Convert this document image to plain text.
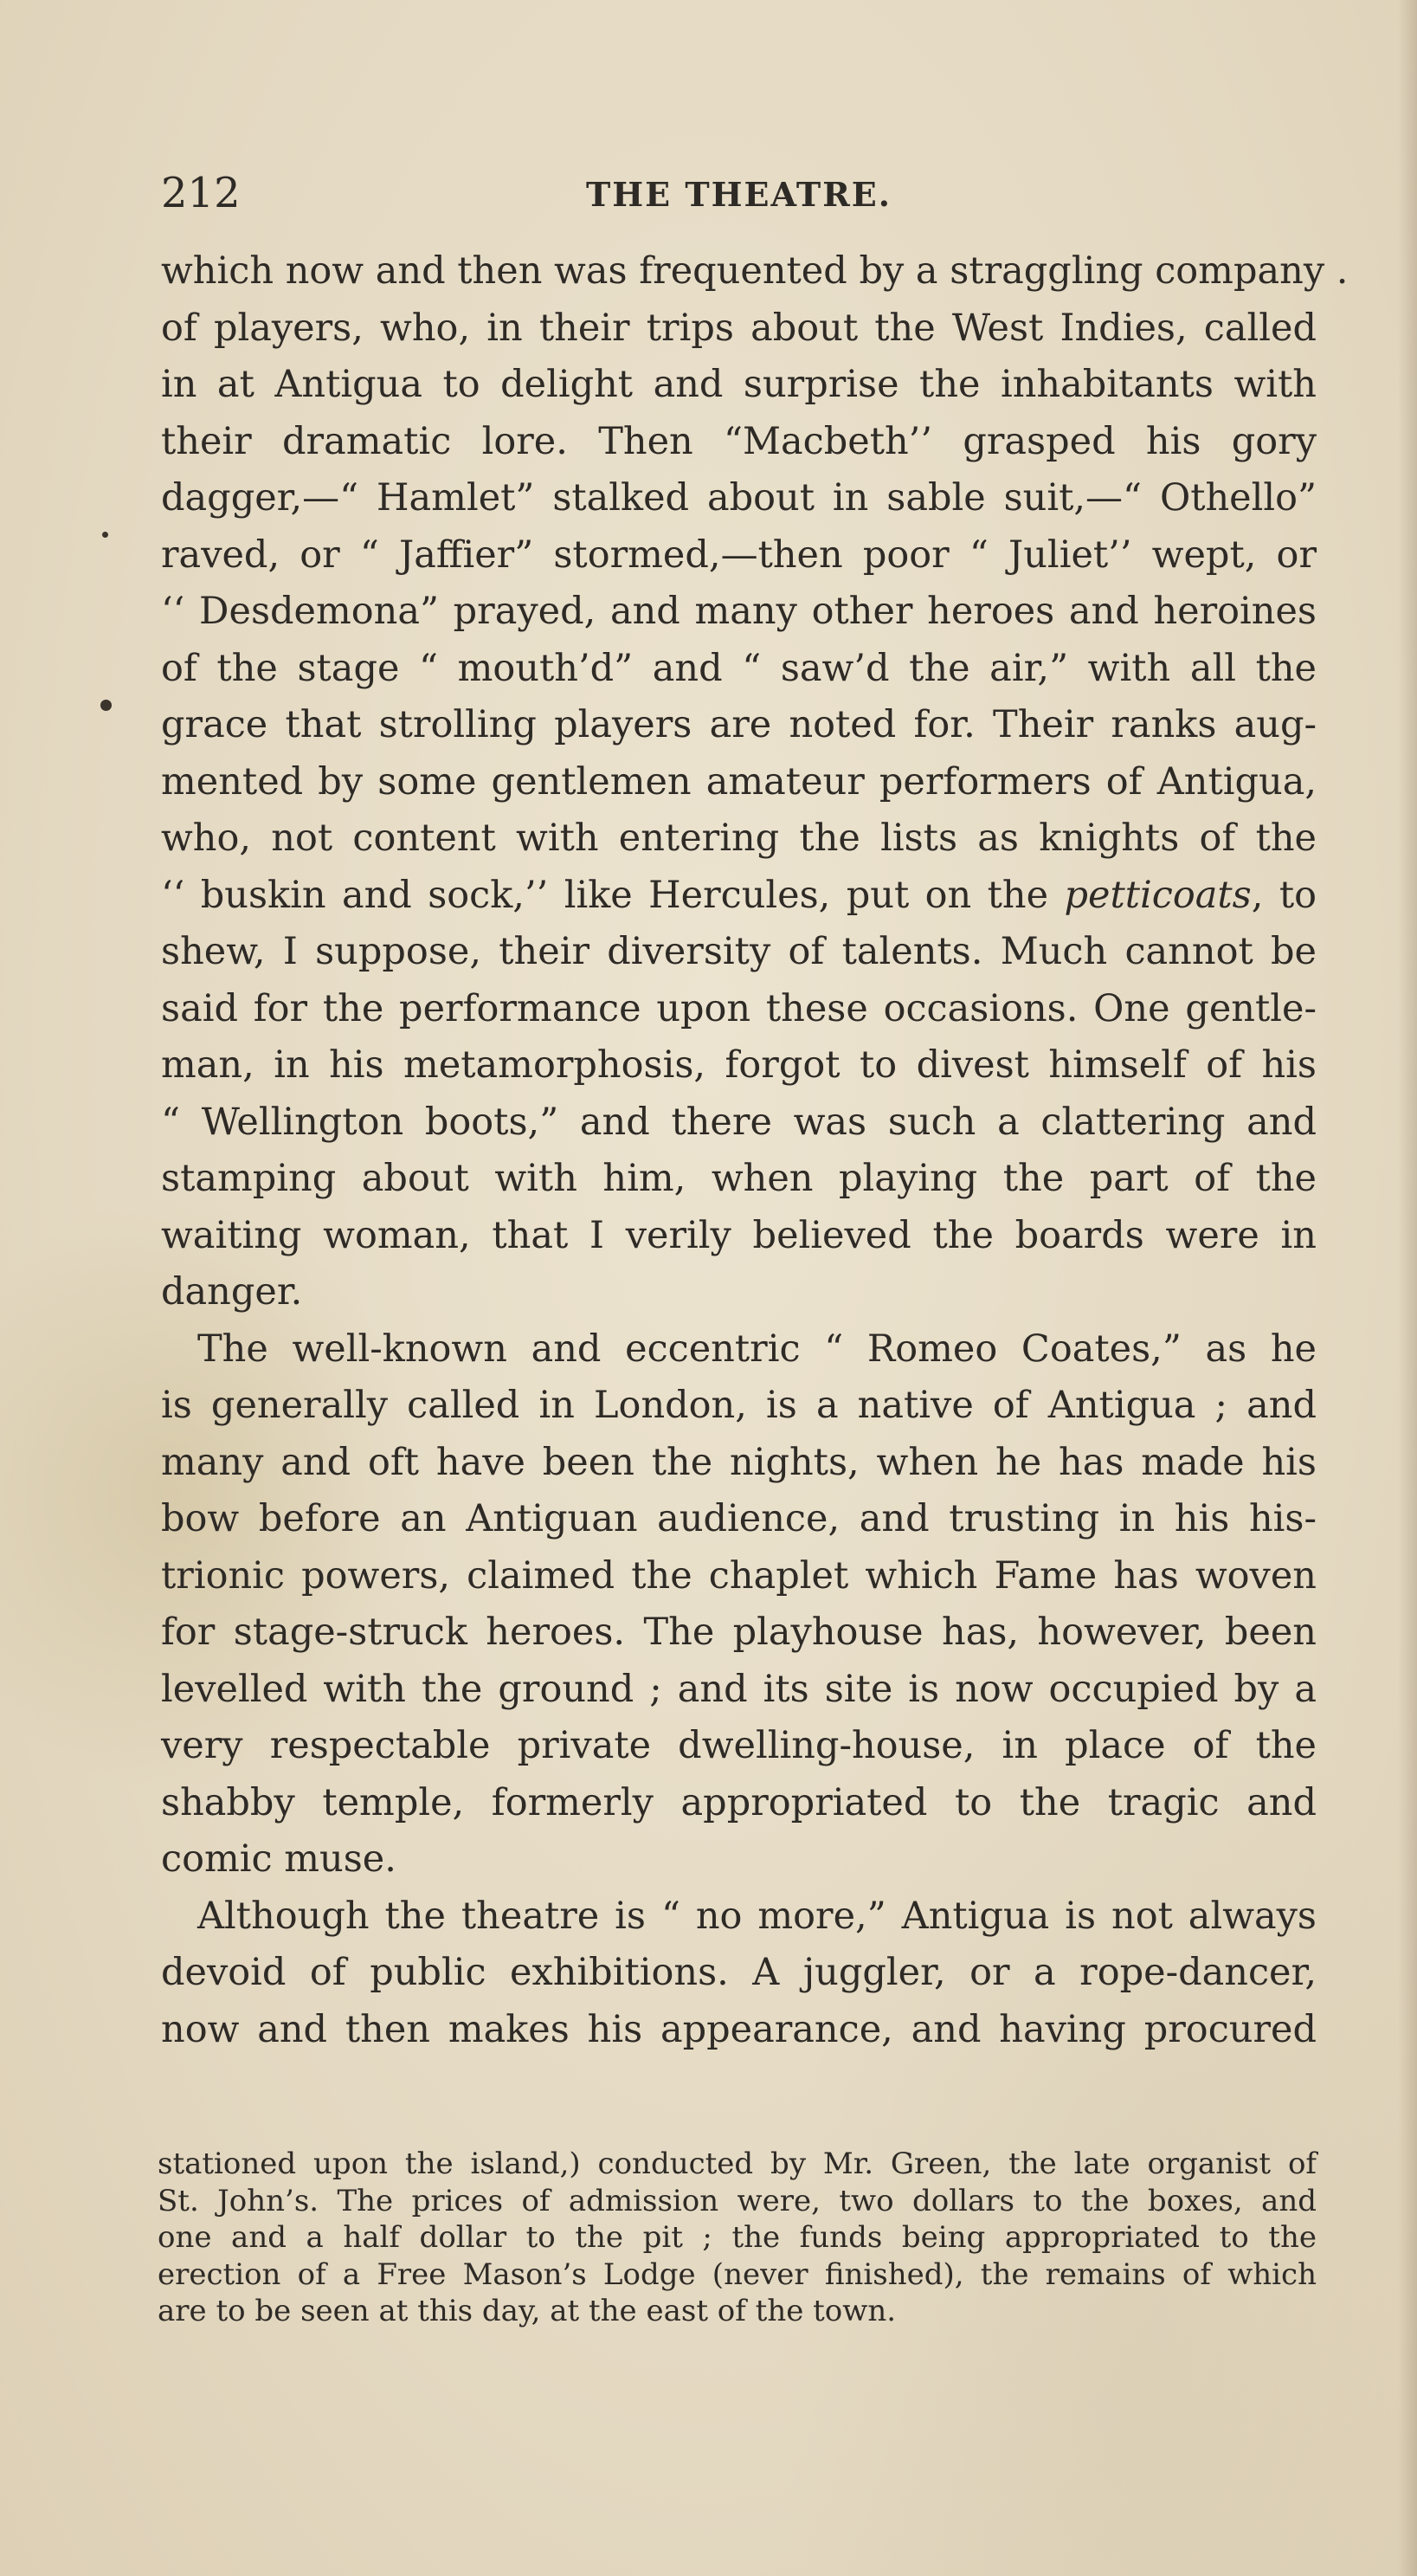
212	THE THEATRE.
which now and then was frequented by a straggling company .
of players, who, in their trips about the West Indies, called
in at Antigua to delight and surprise the inhabitants with
their dramatic lore. Then “Macbeth’’ grasped his gory
dagger,—“ Hamlet” stalked about in sable suit,—“ Othello”
raved, or “ Jaffier” stormed,—then poor “ Juliet’’ wept, or
‘‘ Desdemona” prayed, and many other heroes and heroines
of the stage “ mouth’d” and “ saw’d the air,” with all the
grace that strolling players are noted for. Their ranks aug-
mented by some gentlemen amateur performers of Antigua,
who, not content with entering the lists as knights of the
‘‘ buskin and sock,’’ like Hercules, put on the petticoats, to
shew, I suppose, their diversity of talents. Much cannot be
said for the performance upon these occasions. One gentle-
man, in his metamorphosis, forgot to divest himself of his
“ Wellington boots,” and there was such a clattering and
stamping about with him, when playing the part of the
waiting woman, that I verily believed the boards were in
danger.
The well-known and eccentric “ Romeo Coates,” as he
is generally called in London, is a native of Antigua ; and
many and oft have been the nights, when he has made his
bow before an Antiguan audience, and trusting in his his-
trionic powers, claimed the chaplet which Fame has woven
for stage-struck heroes. The playhouse has, however, been
levelled with the ground ; and its site is now occupied by a
very respectable private dwelling-house, in place of the
shabby temple, formerly appropriated to the tragic and
comic muse.
Although the theatre is “ no more,” Antigua is not always
devoid of public exhibitions. A juggler, or a rope-dancer,
now and then makes his appearance, and having procured
stationed upon the island,) conducted by Mr. Green, the late organist of
St. John’s. The prices of admission were, two dollars to the boxes, and
one and a half dollar to the pit ; the funds being appropriated to the
erection of a Free Mason’s Lodge (never finished), the remains of which
are to be seen at this day, at the east of the town.
